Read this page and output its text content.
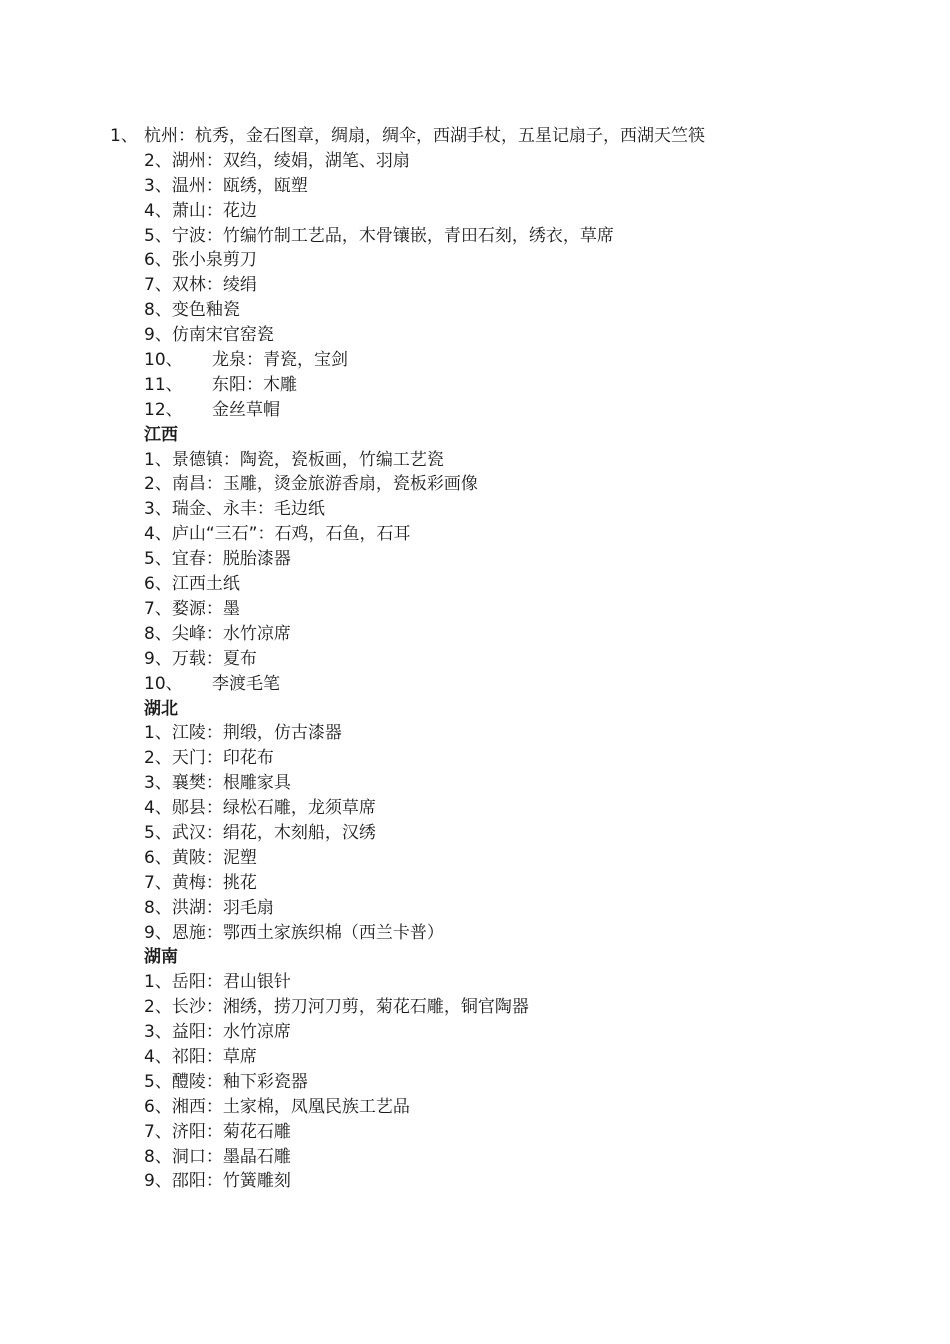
1、 杭州：杭秀，金石图章，绸扇，绸伞，西湖手杖，五星记扇子，西湖天竺筷
2、湖州：双绉，绫娟，湖笔、羽扇
3、温州：瓯绣，瓯塑
4、萧山：花边
5、宁波：竹编竹制工艺品，木骨镶嵌，青田石刻，绣衣，草席
6、张小泉剪刀
7、双林：绫绢
8、变色釉瓷
9、仿南宋官窑瓷
10、 龙泉：青瓷，宝剑
11、 东阳：木雕
12、 金丝草帽
江西
1、景德镇：陶瓷，瓷板画，竹编工艺瓷
2、南昌：玉雕，烫金旅游香扇，瓷板彩画像
3、瑞金、永丰：毛边纸
4、庐山“三石”：石鸡，石鱼，石耳
5、宜春：脱胎漆器
6、江西土纸
7、婺源：墨
8、尖峰：水竹凉席
9、万载：夏布
10、 李渡毛笔
湖北
1、江陵：荆缎，仿古漆器
2、天门：印花布
3、襄樊：根雕家具
4、郧县：绿松石雕，龙须草席
5、武汉：绢花，木刻船，汉绣
6、黄陂：泥塑
7、黄梅：挑花
8、洪湖：羽毛扇
9、恩施：鄂西土家族织棉（西兰卡普）
湖南
1、岳阳：君山银针
2、长沙：湘绣，捞刀河刀剪，菊花石雕，铜官陶器
3、益阳：水竹凉席
4、祁阳：草席
5、醴陵：釉下彩瓷器
6、湘西：土家棉，凤凰民族工艺品
7、济阳：菊花石雕
8、洞口：墨晶石雕
9、邵阳：竹簧雕刻
